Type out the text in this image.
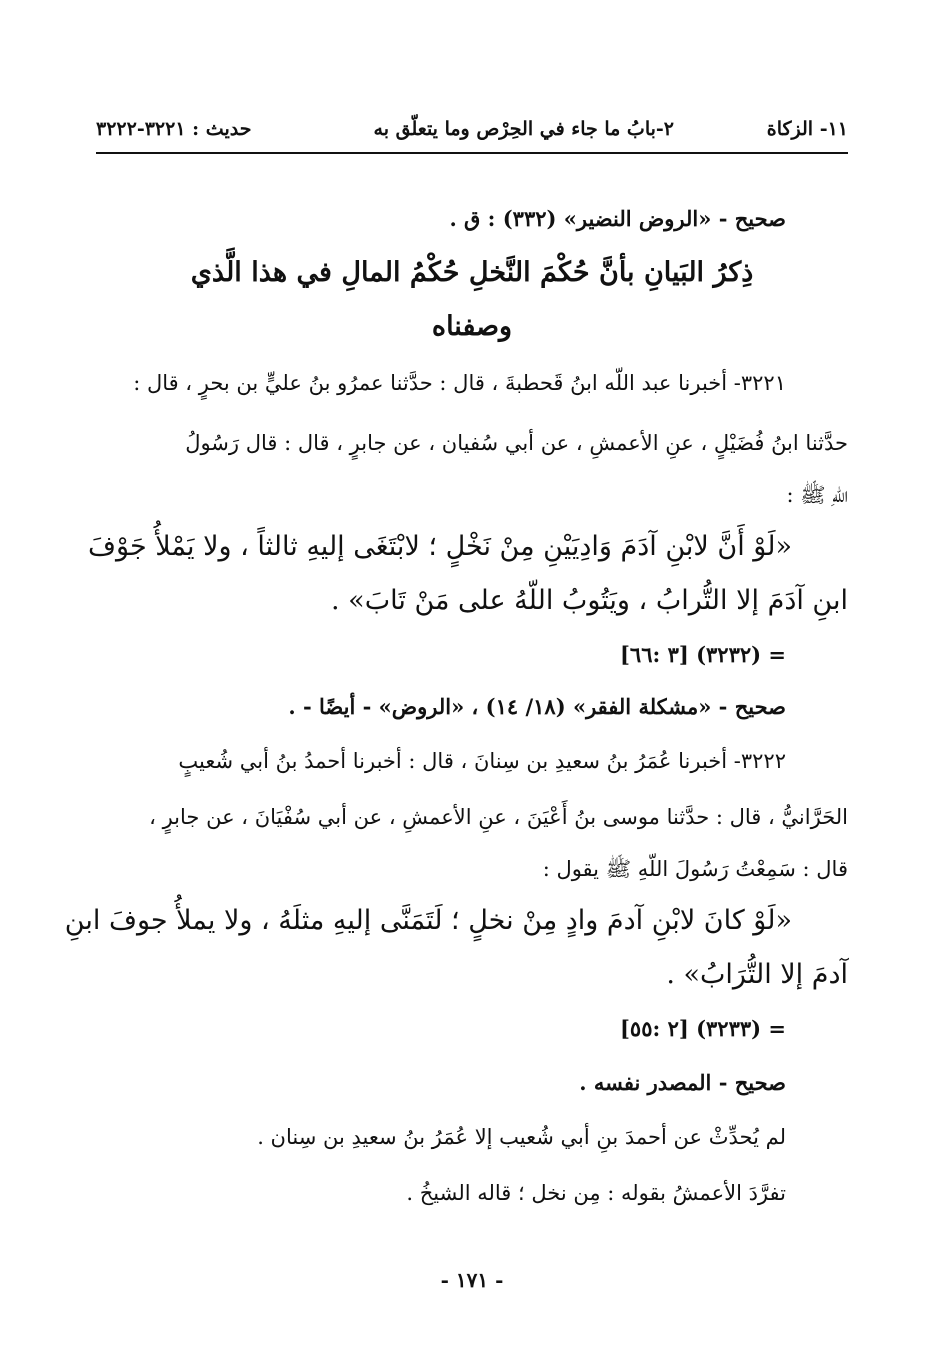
١١- الزكاة
٢-بابُ ما جاء في الحِرْص وما يتعلّق به
حديث : ٣٢٢١-٣٢٢٢
صحيح - «الروض النضير» (٣٣٢) : ق .
ذِكرُ البَيانِ بأنَّ حُكْمَ النَّخلِ حُكْمُ المالِ في هذا الَّذي
وصفناه
٣٢٢١- أخبرنا عبد اللّه ابنُ قَحطبةَ ، قال : حدَّثنا عمرُو بنُ عليٍّ بن بحرٍ ، قال :
حدَّثنا ابنُ فُضَيْلٍ ، عنِ الأعمشِ ، عن أبي سُفيان ، عن جابرٍ ، قال : قال رَسُولُ
اللّهِ ﷺ :
«لَوْ أَنَّ لابْنِ آدَمَ وَادِيَيْنِ مِنْ نَخْلٍ ؛ لابْتَغَى إليهِ ثالثاً ، ولا يَمْلأُ جَوْفَ
ابنِ آدَمَ إلا التُّرابُ ، ويَتُوبُ اللّهُ على مَنْ تَابَ» .
= (٣٢٣٢) [٣ :٦٦]
صحيح - «مشكلة الفقر» (١٨/ ١٤) ، «الروض» - أيضًا - .
٣٢٢٢- أخبرنا عُمَرُ بنُ سعيدِ بن سِنانَ ، قال : أخبرنا أحمدُ بنُ أبي شُعيبٍ
الحَرَّانيُّ ، قال : حدَّثنا موسى بنُ أَعْيَنَ ، عنِ الأعمشِ ، عن أبي سُفْيَانَ ، عن جابرٍ ،
قال : سَمِعْتُ رَسُولَ اللّهِ ﷺ يقول :
«لَوْ كانَ لابْنِ آدمَ وادٍ مِنْ نخلٍ ؛ لَتَمَنَّى إليهِ مثلَهُ ، ولا يملأُ جوفَ ابنِ
آدمَ إلا التُّرَابُ» .
= (٣٢٣٣) [٢ :٥٥]
صحيح - المصدر نفسه .
لم يُحدِّثْ عن أحمدَ بنِ أبي شُعيب إلا عُمَرُ بنُ سعيدِ بن سِنان .
تفرَّدَ الأعمشُ بقوله : مِن نخل ؛ قاله الشيخُ .
- ١٧١ -
